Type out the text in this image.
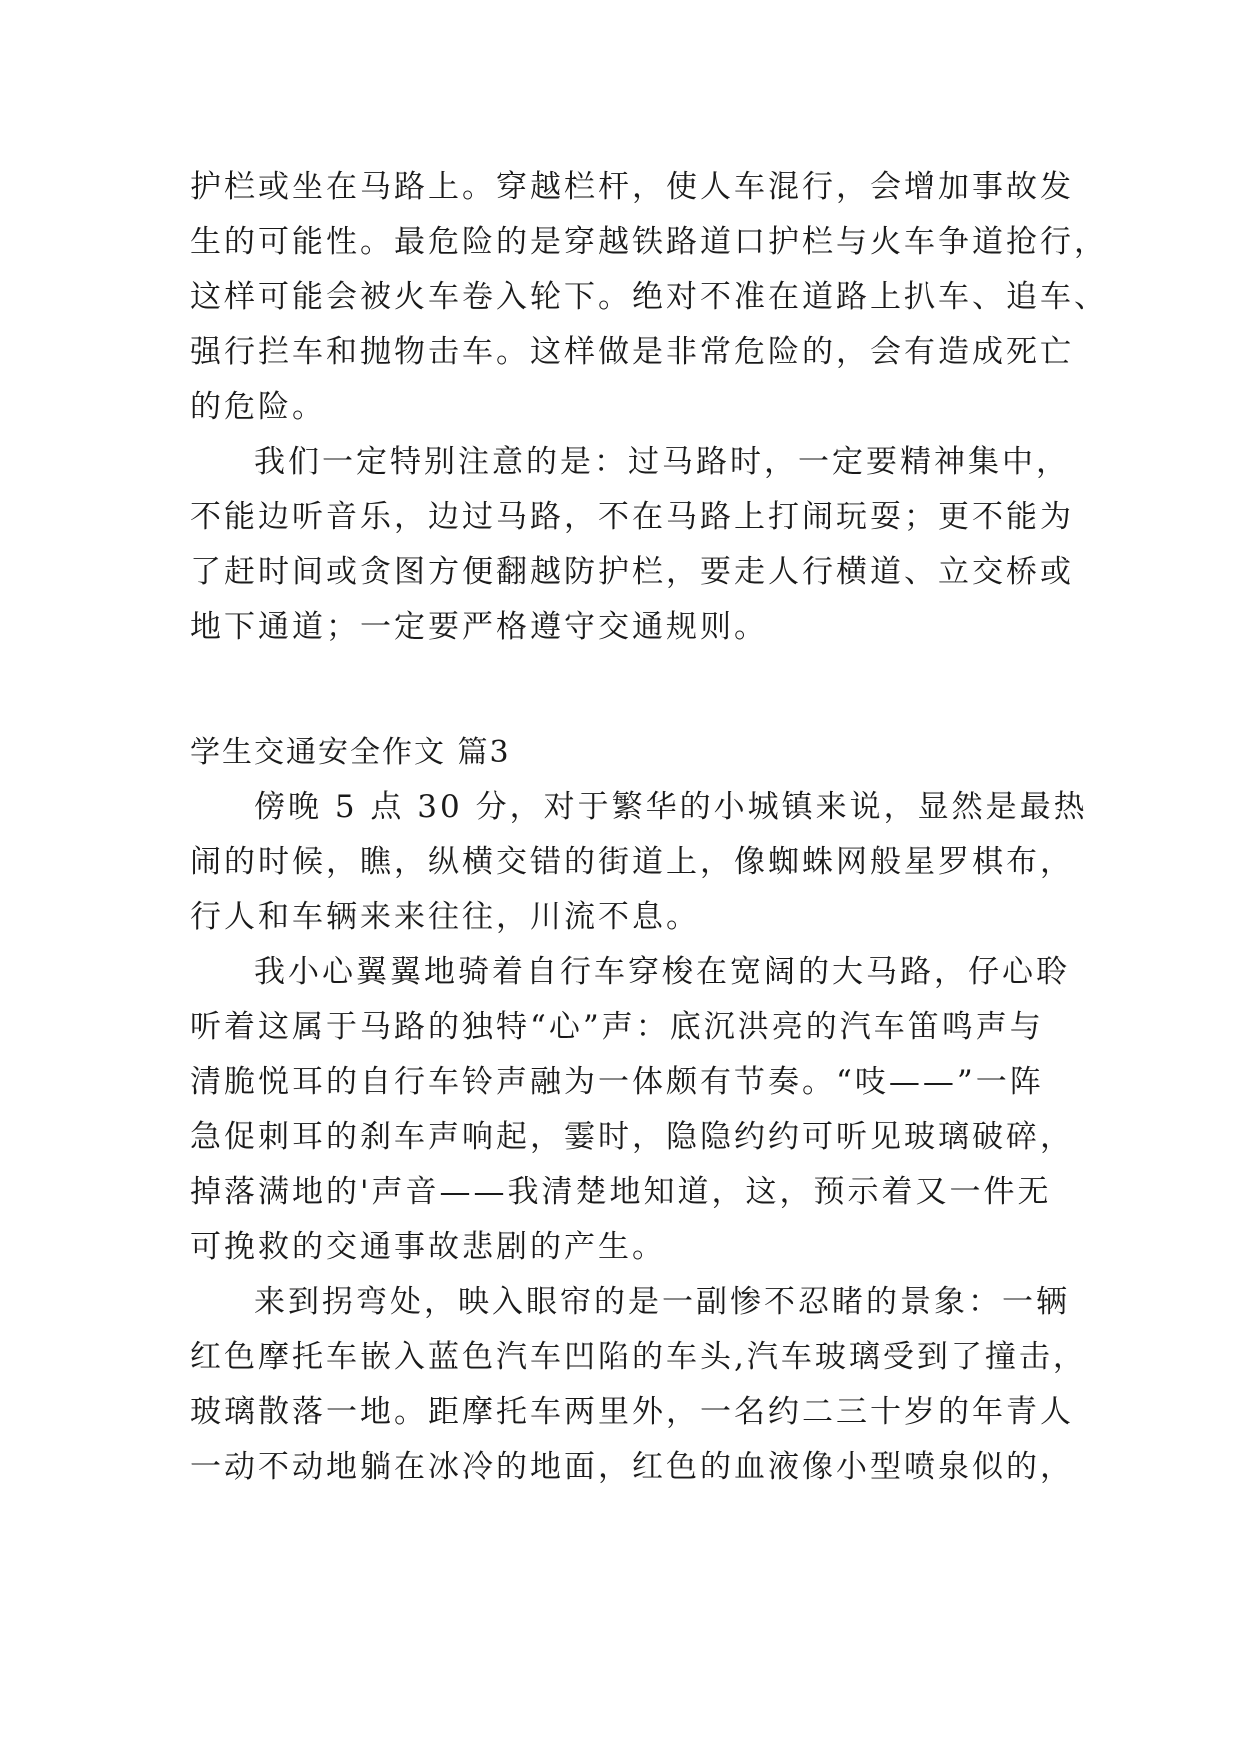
护栏或坐在马路上。穿越栏杆，使人车混行，会增加事故发
生的可能性。最危险的是穿越铁路道口护栏与火车争道抢行，
这样可能会被火车卷入轮下。绝对不准在道路上扒车、追车、
强行拦车和抛物击车。这样做是非常危险的，会有造成死亡
的危险。
我们一定特别注意的是：过马路时，一定要精神集中，
不能边听音乐，边过马路，不在马路上打闹玩耍；更不能为
了赶时间或贪图方便翻越防护栏，要走人行横道、立交桥或
地下通道；一定要严格遵守交通规则。
学生交通安全作文 篇3
傍晚 5 点 30 分，对于繁华的小城镇来说，显然是最热
闹的时候，瞧，纵横交错的街道上，像蜘蛛网般星罗棋布，
行人和车辆来来往往，川流不息。
我小心翼翼地骑着自行车穿梭在宽阔的大马路，仔心聆
听着这属于马路的独特“心”声：底沉洪亮的汽车笛鸣声与
清脆悦耳的自行车铃声融为一体颇有节奏。“吱——”一阵
急促刺耳的刹车声响起，霎时，隐隐约约可听见玻璃破碎，
掉落满地的'声音——我清楚地知道，这，预示着又一件无
可挽救的交通事故悲剧的产生。
来到拐弯处，映入眼帘的是一副惨不忍睹的景象：一辆
红色摩托车嵌入蓝色汽车凹陷的车头,汽车玻璃受到了撞击，
玻璃散落一地。距摩托车两里外，一名约二三十岁的年青人
一动不动地躺在冰冷的地面，红色的血液像小型喷泉似的，
